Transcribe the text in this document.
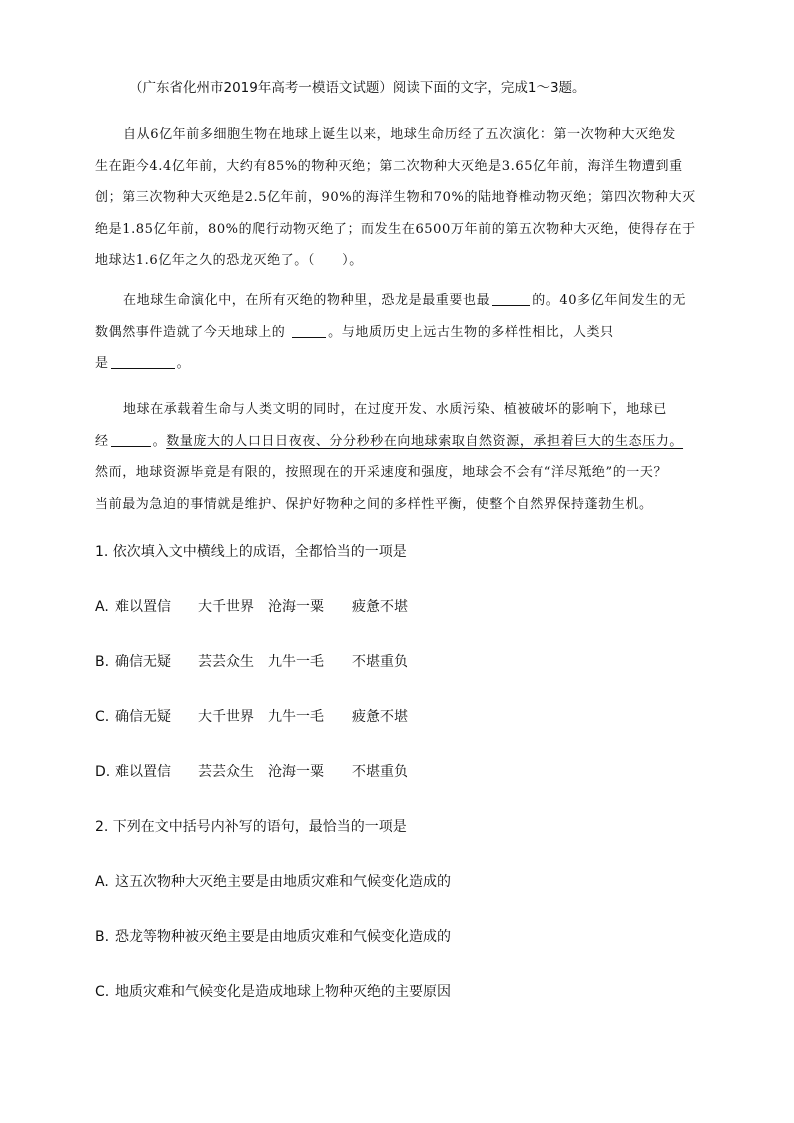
（广东省化州市2019年高考一模语文试题）阅读下面的文字，完成1～3题。
自从6亿年前多细胞生物在地球上诞生以来，地球生命历经了五次演化：第一次物种大灭绝发
生在距今4.4亿年前，大约有85%的物种灭绝；第二次物种大灭绝是3.65亿年前，海洋生物遭到重
创；第三次物种大灭绝是2.5亿年前，90%的海洋生物和70%的陆地脊椎动物灭绝；第四次物种大灭
绝是1.85亿年前，80%的爬行动物灭绝了；而发生在6500万年前的第五次物种大灭绝，使得存在于
地球达1.6亿年之久的恐龙灭绝了。（　　）。
在地球生命演化中，在所有灭绝的物种里，恐龙是最重要也最	的。40多亿年间发生的无
数偶然事件造就了今天地球上的	。与地质历史上远古生物的多样性相比，人类只
是	。
地球在承载着生命与人类文明的同时，在过度开发、水质污染、植被破坏的影响下，地球已
经	。数量庞大的人口日日夜夜、分分秒秒在向地球索取自然资源，承担着巨大的生态压力。
然而，地球资源毕竟是有限的，按照现在的开采速度和强度，地球会不会有“洋尽羝绝”的一天？
当前最为急迫的事情就是维护、保护好物种之间的多样性平衡，使整个自然界保持蓬勃生机。
1. 依次填入文中横线上的成语，全都恰当的一项是
A. 难以置信 大千世界 沧海一粟 疲惫不堪
B. 确信无疑 芸芸众生 九牛一毛 不堪重负
C. 确信无疑 大千世界 九牛一毛 疲惫不堪
D. 难以置信 芸芸众生 沧海一粟 不堪重负
2. 下列在文中括号内补写的语句，最恰当的一项是
A. 这五次物种大灭绝主要是由地质灾难和气候变化造成的
B. 恐龙等物种被灭绝主要是由地质灾难和气候变化造成的
C. 地质灾难和气候变化是造成地球上物种灭绝的主要原因
